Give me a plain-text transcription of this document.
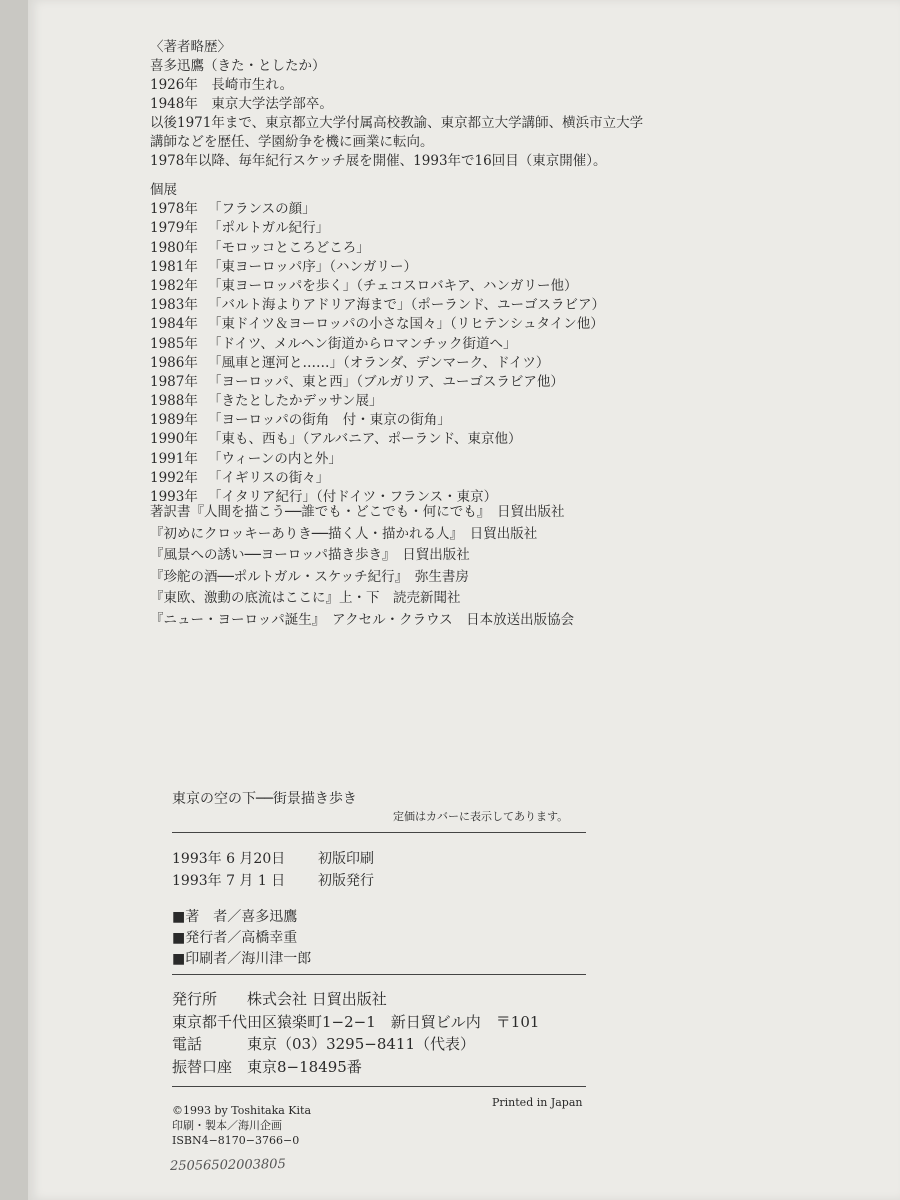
〈著者略歴〉
喜多迅鷹（きた・としたか）
1926年　長崎市生れ。
1948年　東京大学法学部卒。
以後1971年まで、東京都立大学付属高校教諭、東京都立大学講師、横浜市立大学講師などを歴任、学園紛争を機に画業に転向。
1978年以降、毎年紀行スケッチ展を開催、1993年で16回目（東京開催）。
個展
1978年 「フランスの顔」
1979年 「ポルトガル紀行」
1980年 「モロッコところどころ」
1981年 「東ヨーロッパ序」（ハンガリー）
1982年 「東ヨーロッパを歩く」（チェコスロバキア、ハンガリー他）
1983年 「バルト海よりアドリア海まで」（ポーランド、ユーゴスラビア）
1984年 「東ドイツ＆ヨーロッパの小さな国々」（リヒテンシュタイン他）
1985年 「ドイツ、メルヘン街道からロマンチック街道へ」
1986年 「風車と運河と……」（オランダ、デンマーク、ドイツ）
1987年 「ヨーロッパ、東と西」（ブルガリア、ユーゴスラビア他）
1988年 「きたとしたかデッサン展」
1989年 「ヨーロッパの街角　付・東京の街角」
1990年 「東も、西も」（アルバニア、ポーランド、東京他）
1991年 「ウィーンの内と外」
1992年 「イギリスの街々」
1993年 「イタリア紀行」（付ドイツ・フランス・東京）
著訳書『人間を描こう──誰でも・どこでも・何にでも』　日貿出版社
『初めにクロッキーありき──描く人・描かれる人』　日貿出版社
『風景への誘い──ヨーロッパ描き歩き』　日貿出版社
『珍舵の酒──ポルトガル・スケッチ紀行』　弥生書房
『東欧、激動の底流はここに』上・下　読売新聞社
『ニュー・ヨーロッパ誕生』　アクセル・クラウス　日本放送出版協会
東京の空の下──街景描き歩き
定価はカバーに表示してあります。
1993年 6 月20日	初版印刷
1993年 7 月 1 日	初版発行
■著　者／喜多迅鷹
■発行者／高橋幸重
■印刷者／海川津一郎
発行所	株式会社 日貿出版社
東京都千代田区猿楽町1−2−1　新日貿ビル内　〒101
電話	東京（03）3295−8411（代表）
振替口座 東京8−18495番
©1993 by Toshitaka Kita
印刷・製本／海川企画
ISBN4−8170−3766−0
Printed in Japan
25056502003805
